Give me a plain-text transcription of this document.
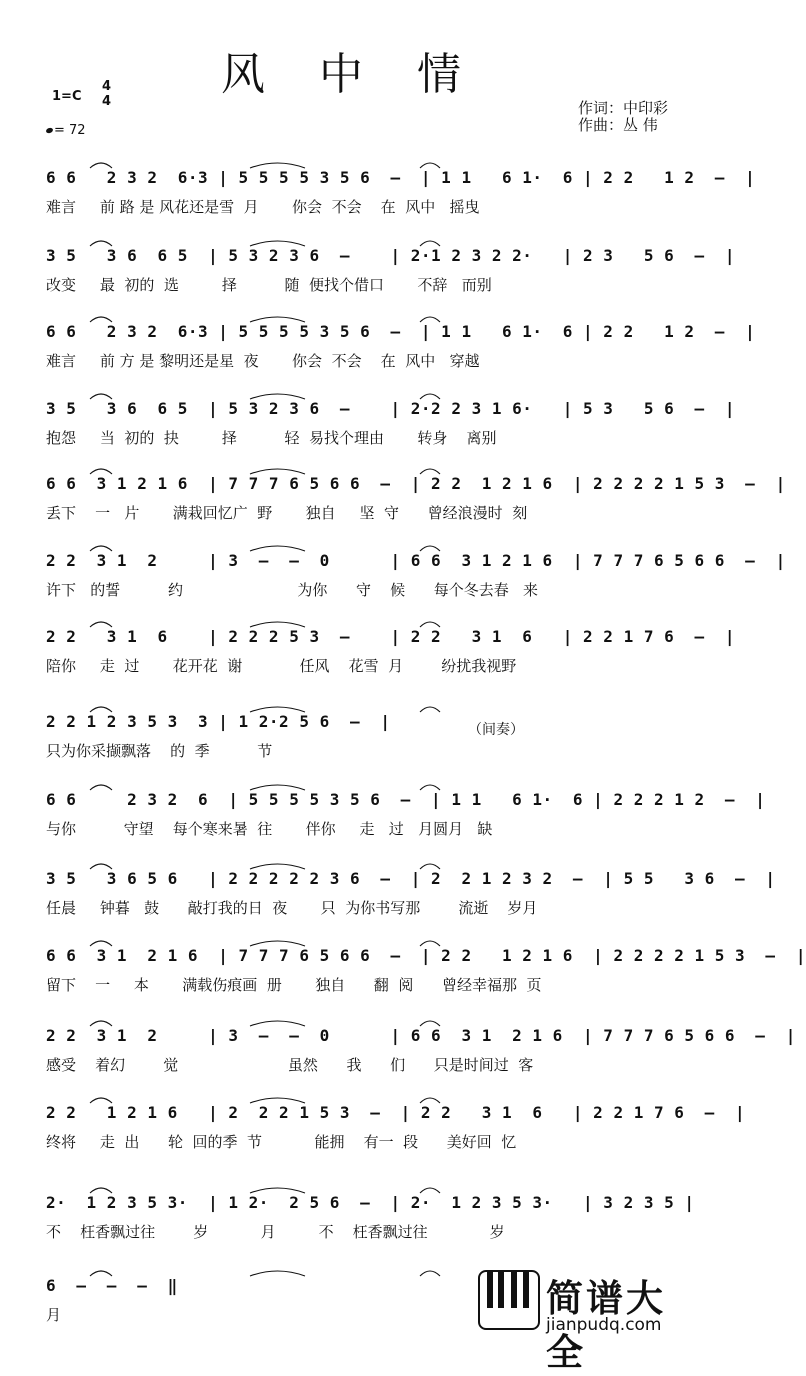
风 中 情
1=C
4
4
= 72
作词：中印彩
作曲：丛 伟
6 6   2 3 2  6·3 | 5 5 5 5 3 5 6  –  | 1 1   6 1·  6 | 2 2   1 2  –  |
难言     前 路 是 风花还是雪  月       你会  不会    在  风中   摇曳
3 5   3 6  6 5  | 5 3 2 3 6  –    | 2·1 2 3 2 2·   | 2 3   5 6  –  |
改变     最  初的  选         择          随  便找个借口       不辞   而别
6 6   2 3 2  6·3 | 5 5 5 5 3 5 6  –  | 1 1   6 1·  6 | 2 2   1 2  –  |
难言     前 方 是 黎明还是星  夜       你会  不会    在  风中   穿越
3 5   3 6  6 5  | 5 3 2 3 6  –    | 2·2 2 3 1 6·   | 5 3   5 6  –  |
抱怨     当  初的  抉         择          轻  易找个理由       转身    离别
6 6  3 1 2 1 6  | 7 7 7 6 5 6 6  –  | 2 2  1 2 1 6  | 2 2 2 2 1 5 3  –  |
丢下    一   片       满栽回忆广  野       独自     坚  守      曾经浪漫时  刻
2 2  3 1  2     | 3  –  –  0      | 6 6  3 1 2 1 6  | 7 7 7 6 5 6 6  –  |
许下   的誓          约                        为你      守    候      每个冬去春   来
2 2   3 1  6    | 2 2 2 5 3  –    | 2 2   3 1  6   | 2 2 1 7 6  –  |
陪你     走  过       花开花  谢            任风    花雪  月        纷扰我视野
2 2 1 2 3 5 3  3 | 1 2·2 5 6  –  |
只为你采撷飘落    的  季          节
6 6     2 3 2  6  | 5 5 5 5 3 5 6  –  | 1 1   6 1·  6 | 2 2 2 1 2  –  |
与你          守望    每个寒来暑  往       伴你     走   过   月圆月   缺
3 5   3 6 5 6   | 2 2 2 2 2 3 6  –  | 2  2 1 2 3 2  –  | 5 5   3 6  –  |
任晨     钟暮   鼓      敲打我的日  夜       只  为你书写那        流逝    岁月
6 6  3 1  2 1 6  | 7 7 7 6 5 6 6  –  | 2 2   1 2 1 6  | 2 2 2 2 1 5 3  –  |
留下    一     本       满载伤痕画  册       独自      翻  阅      曾经幸福那  页
2 2  3 1  2     | 3  –  –  0      | 6 6  3 1  2 1 6  | 7 7 7 6 5 6 6  –  |
感受    着幻        觉                       虽然      我      们      只是时间过  客
2 2   1 2 1 6   | 2  2 2 1 5 3  –  | 2 2   3 1  6   | 2 2 1 7 6  –  |
终将     走  出      轮  回的季  节           能拥    有一  段      美好回  忆
2·  1 2 3 5 3·  | 1 2·  2 5 6  –  | 2·  1 2 3 5 3·   | 3 2 3 5 |
不    枉香飘过往        岁           月         不    枉香飘过往             岁
6  –  –  –  ‖
月
（间奏）
简谱大全
jianpudq.com
